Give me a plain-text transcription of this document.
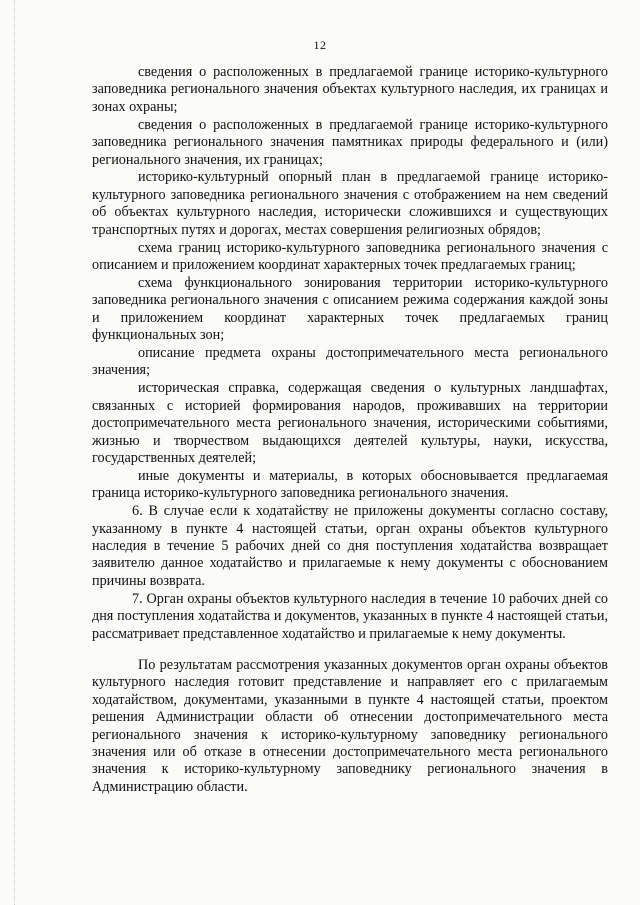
12

сведения о расположенных в предлагаемой границе историко-культурного заповедника регионального значения объектах культурного наследия, их границах и зонах охраны;

сведения о расположенных в предлагаемой границе историко-культурного заповедника регионального значения памятниках природы федерального и (или) регионального значения, их границах;

историко-культурный опорный план в предлагаемой границе историко-культурного заповедника регионального значения с отображением на нем сведений об объектах культурного наследия, исторически сложившихся и существующих транспортных путях и дорогах, местах совершения религиозных обрядов;

схема границ историко-культурного заповедника регионального значения с описанием и приложением координат характерных точек предлагаемых границ;

схема функционального зонирования территории историко-культурного заповедника регионального значения с описанием режима содержания каждой зоны и приложением координат характерных точек предлагаемых границ функциональных зон;

описание предмета охраны достопримечательного места регионального значения;

историческая справка, содержащая сведения о культурных ландшафтах, связанных с историей формирования народов, проживавших на территории достопримечательного места регионального значения, историческими событиями, жизнью и творчеством выдающихся деятелей культуры, науки, искусства, государственных деятелей;

иные документы и материалы, в которых обосновывается предлагаемая граница историко-культурного заповедника регионального значения.

6. В случае если к ходатайству не приложены документы согласно составу, указанному в пункте 4 настоящей статьи, орган охраны объектов культурного наследия в течение 5 рабочих дней со дня поступления ходатайства возвращает заявителю данное ходатайство и прилагаемые к нему документы с обоснованием причины возврата.

7. Орган охраны объектов культурного наследия в течение 10 рабочих дней со дня поступления ходатайства и документов, указанных в пункте 4 настоящей статьи, рассматривает представленное ходатайство и прилагаемые к нему документы.

По результатам рассмотрения указанных документов орган охраны объектов культурного наследия готовит представление и направляет его с прилагаемым ходатайством, документами, указанными в пункте 4 настоящей статьи, проектом решения Администрации области об отнесении достопримечательного места регионального значения к историко-культурному заповеднику регионального значения или об отказе в отнесении достопримечательного места регионального значения к историко-культурному заповеднику регионального значения в Администрацию области.
